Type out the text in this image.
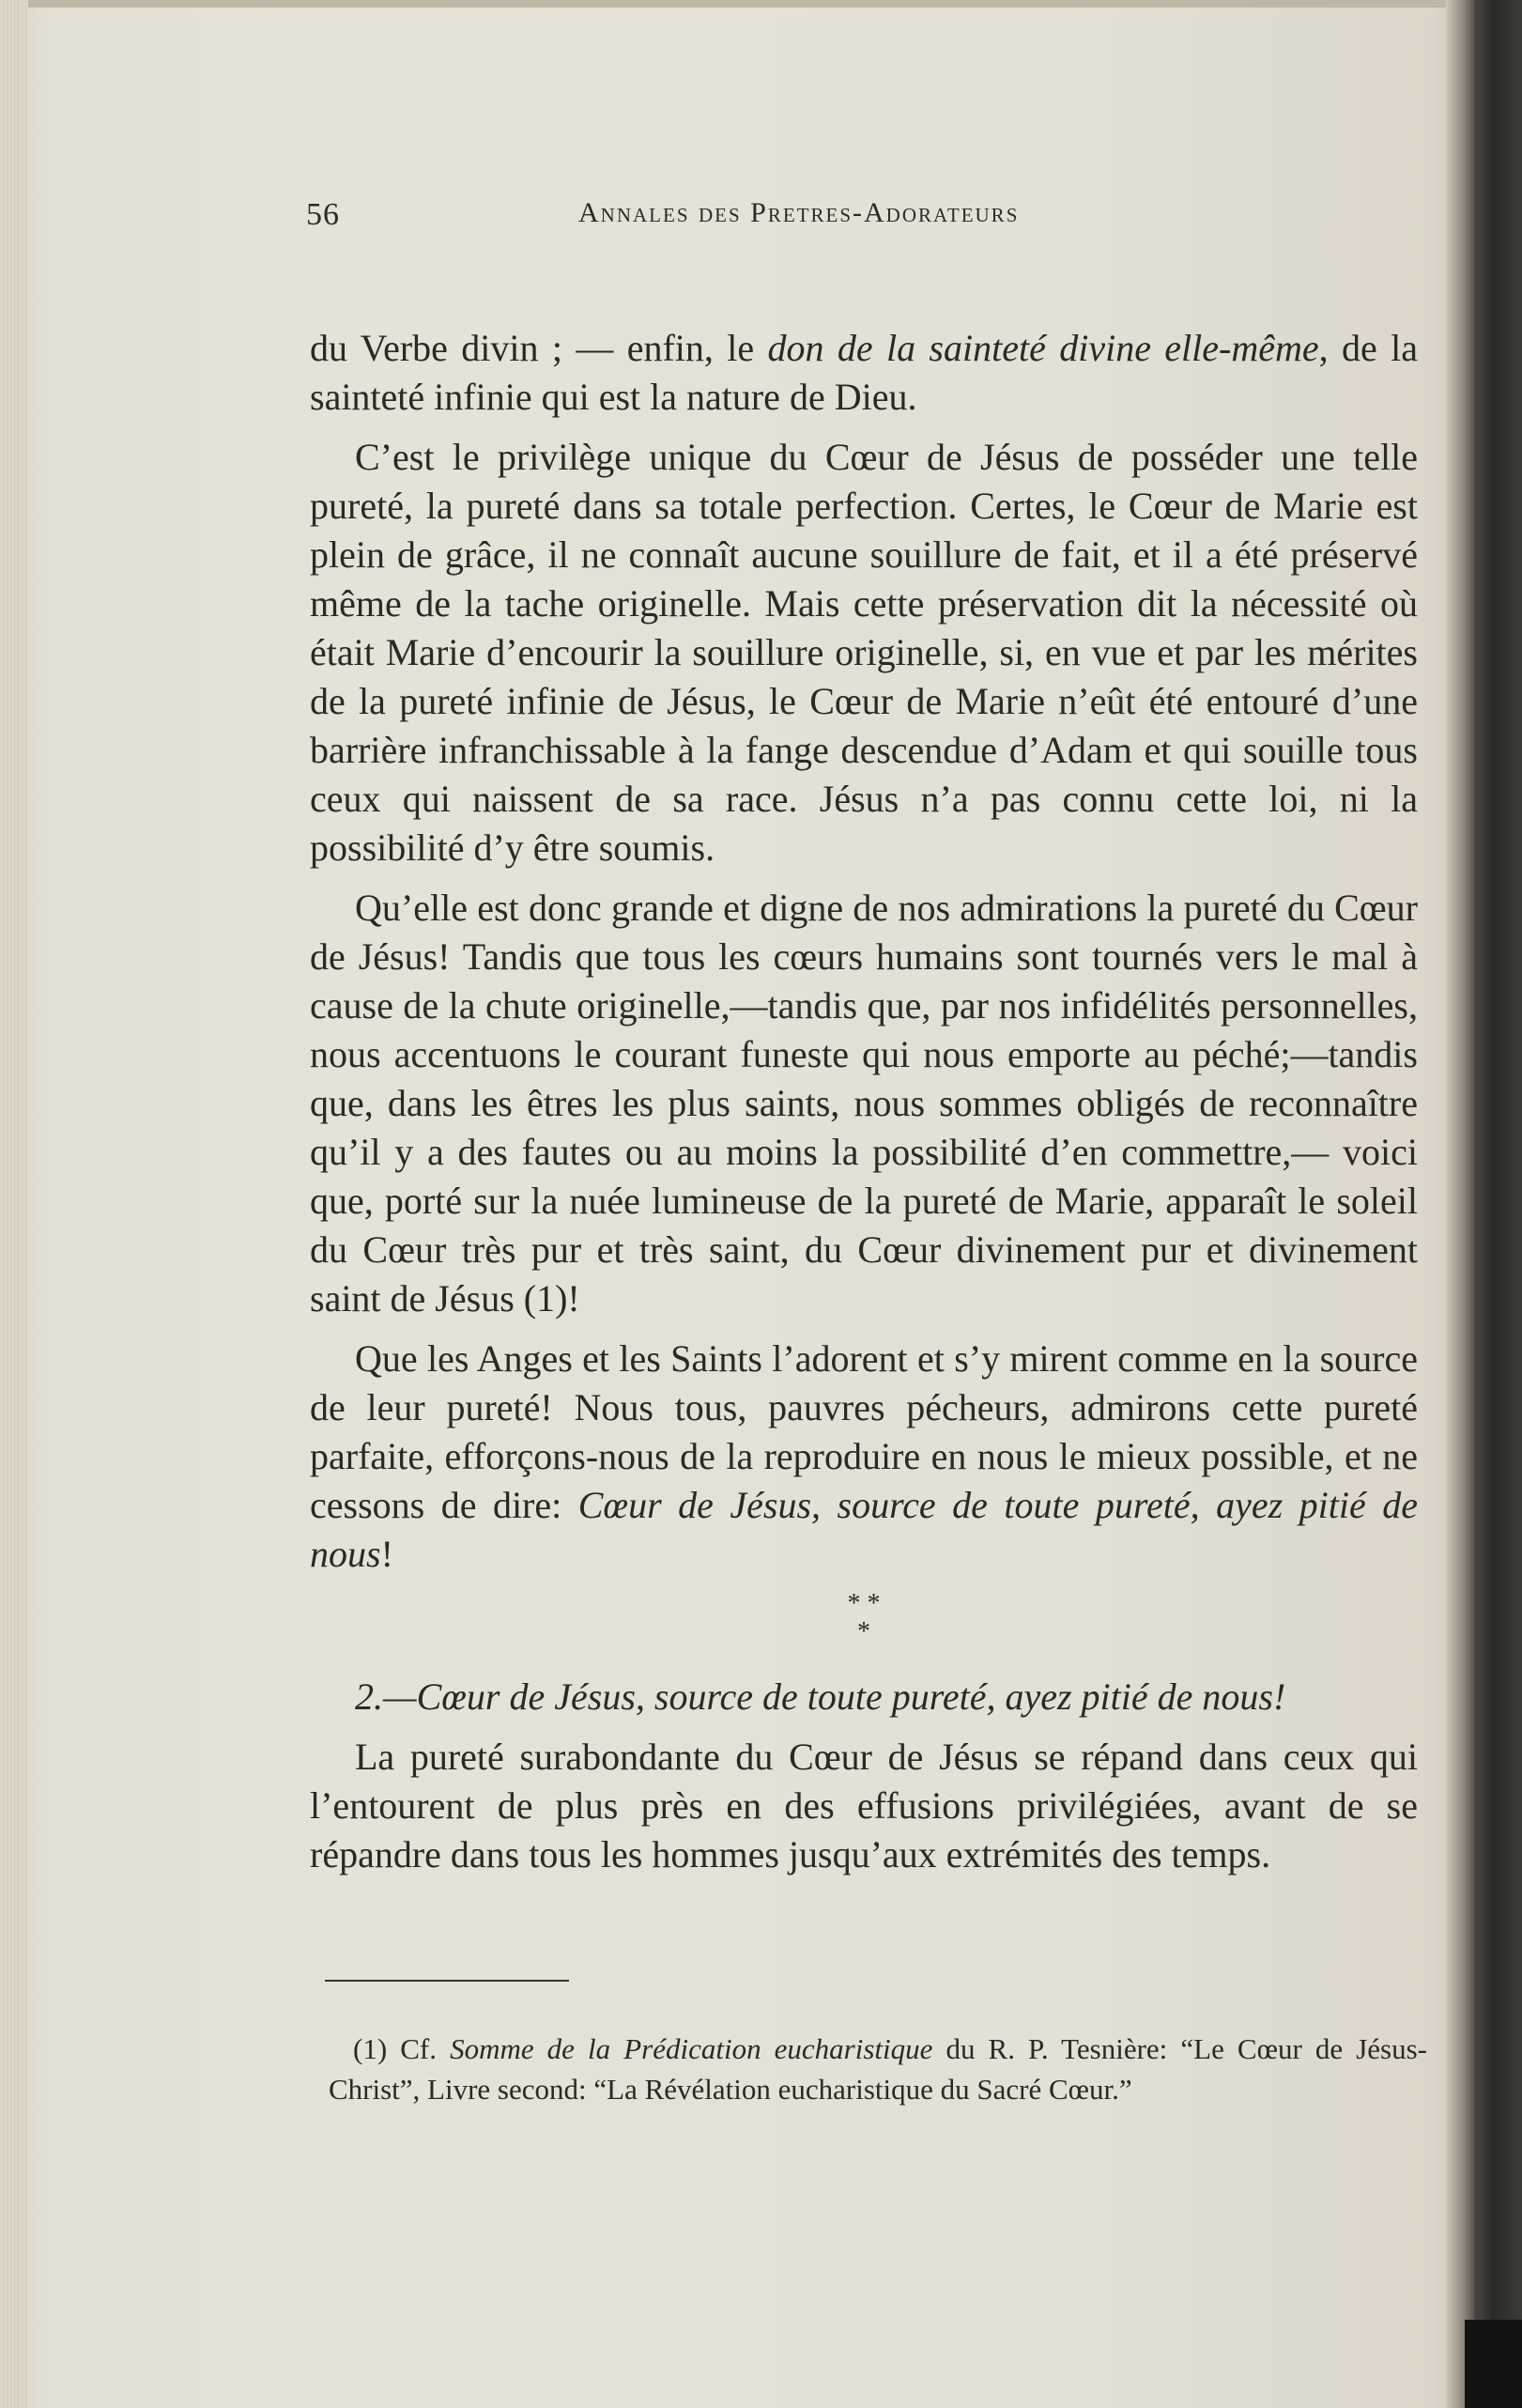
56	Annales des Pretres-Adorateurs

du Verbe divin ; — enfin, le don de la sainteté divine elle-même, de la sainteté infinie qui est la nature de Dieu.

C’est le privilège unique du Cœur de Jésus de posséder une telle pureté, la pureté dans sa totale perfection. Certes, le Cœur de Marie est plein de grâce, il ne connaît aucune souillure de fait, et il a été préservé même de la tache originelle. Mais cette préservation dit la nécessité où était Marie d’encourir la souillure originelle, si, en vue et par les mérites de la pureté infinie de Jésus, le Cœur de Marie n’eût été entouré d’une barrière infranchissable à la fange descendue d’Adam et qui souille tous ceux qui naissent de sa race. Jésus n’a pas connu cette loi, ni la possibilité d’y être soumis.

Qu’elle est donc grande et digne de nos admirations la pureté du Cœur de Jésus! Tandis que tous les cœurs humains sont tournés vers le mal à cause de la chute originelle,—tandis que, par nos infidélités personnelles, nous accentuons le courant funeste qui nous emporte au péché;—tandis que, dans les êtres les plus saints, nous sommes obligés de reconnaître qu’il y a des fautes ou au moins la possibilité d’en commettre,— voici que, porté sur la nuée lumineuse de la pureté de Marie, apparaît le soleil du Cœur très pur et très saint, du Cœur divinement pur et divinement saint de Jésus (1)!

Que les Anges et les Saints l’adorent et s’y mirent comme en la source de leur pureté! Nous tous, pauvres pécheurs, admirons cette pureté parfaite, efforçons-nous de la reproduire en nous le mieux possible, et ne cessons de dire: Cœur de Jésus, source de toute pureté, ayez pitié de nous!

* *
*

2.—Cœur de Jésus, source de toute pureté, ayez pitié de nous!

La pureté surabondante du Cœur de Jésus se répand dans ceux qui l’entourent de plus près en des effusions privilégiées, avant de se répandre dans tous les hommes jusqu’aux extrémités des temps.

(1) Cf. Somme de la Prédication eucharistique du R. P. Tesnière: “Le Cœur de Jésus-Christ”, Livre second: “La Révélation eucharistique du Sacré Cœur.”
